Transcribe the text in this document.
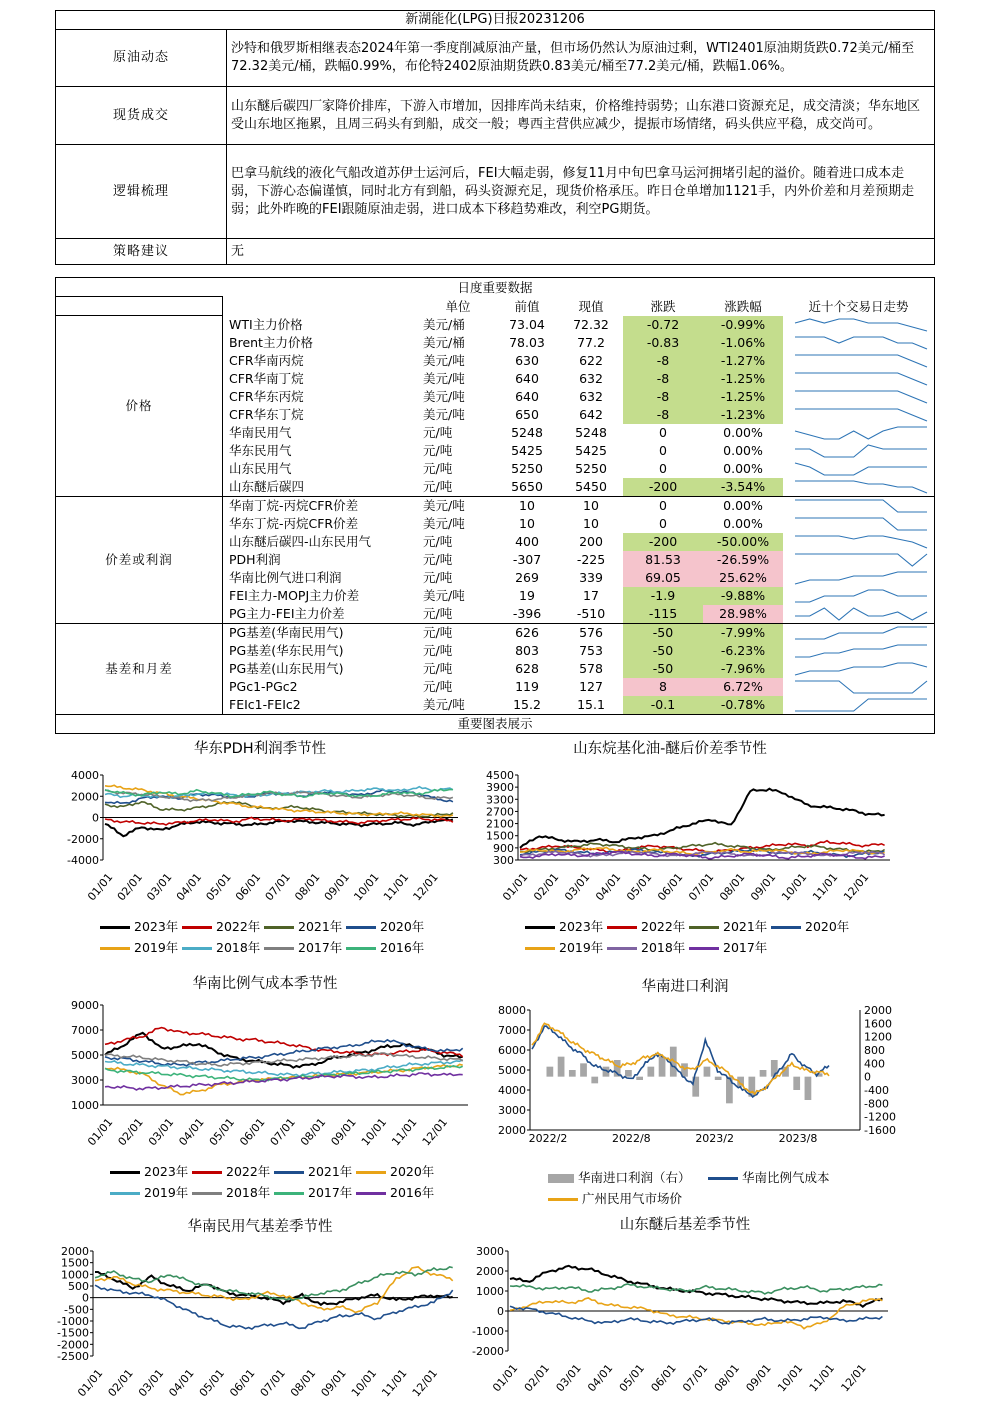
新湖能化(LPG)日报20231206	
原油动态	沙特和俄罗斯相继表态2024年第一季度削减原油产量，但市场仍然认为原油过剩，WTI2401原油期货跌0.72美元/桶至72.32美元/桶，跌幅0.99%，布伦特2402原油期货跌0.83美元/桶至77.2美元/桶，跌幅1.06%。
现货成交	山东醚后碳四厂家降价排库，下游入市增加，因排库尚未结束，价格维持弱势；山东港口资源充足，成交清淡；华东地区受山东地区拖累，且周三码头有到船，成交一般；粤西主营供应减少，提振市场情绪，码头供应平稳，成交尚可。
逻辑梳理	巴拿马航线的液化气船改道苏伊士运河后，FEI大幅走弱，修复11月中旬巴拿马运河拥堵引起的溢价。随着进口成本走弱，下游心态偏谨慎，同时北方有到船，码头资源充足，现货价格承压。昨日仓单增加1121手，内外价差和月差预期走弱；此外昨晚的FEI跟随原油走弱，进口成本下移趋势难改，利空PG期货。
策略建议	无
日度重要数据							
		单位	前值	现值	涨跌	涨跌幅	近十个交易日走势
价格	WTI主力价格	美元/桶	73.04	72.32	-0.72	-0.99%	

	Brent主力价格	美元/桶	78.03	77.2	-0.83	-1.06%	

	CFR华南丙烷	美元/吨	630	622	-8	-1.27%	

	CFR华南丁烷	美元/吨	640	632	-8	-1.25%	

	CFR华东丙烷	美元/吨	640	632	-8	-1.25%	

	CFR华东丁烷	美元/吨	650	642	-8	-1.23%	

	华南民用气	元/吨	5248	5248	0	0.00%	

	华东民用气	元/吨	5425	5425	0	0.00%	

	山东民用气	元/吨	5250	5250	0	0.00%	

	山东醚后碳四	元/吨	5650	5450	-200	-3.54%	

价差或利润	华南丁烷-丙烷CFR价差	美元/吨	10	10	0	0.00%	

	华东丁烷-丙烷CFR价差	美元/吨	10	10	0	0.00%	

	山东醚后碳四-山东民用气	元/吨	400	200	-200	-50.00%	

	PDH利润	元/吨	-307	-225	81.53	-26.59%	

	华南比例气进口利润	元/吨	269	339	69.05	25.62%	

	FEI主力-MOPJ主力价差	美元/吨	19	17	-1.9	-9.88%	

	PG主力-FEI主力价差	元/吨	-396	-510	-115	28.98%	

基差和月差	PG基差(华南民用气)	元/吨	626	576	-50	-7.99%	

	PG基差(华东民用气)	元/吨	803	753	-50	-6.23%	

	PG基差(山东民用气)	元/吨	628	578	-50	-7.96%	

	PGc1-PGc2	元/吨	119	127	8	6.72%	

	FEIc1-FEIc2	美元/吨	15.2	15.1	-0.1	-0.78%	

重要图表展示							
华东PDH利润季节性
4000
2000
0
-2000
-4000
01/01 02/01 03/01 04/01 05/01 06/01 07/01 08/01 09/01 10/01 11/01 12/01
2023年	2022年	2021年	2020年
2019年	2018年	2017年	2016年
山东烷基化油-醚后价差季节性
4500
3900
3300
2700
2100
1500
900
300
01/01 02/01 03/01 04/01 05/01 06/01 07/01 08/01 09/01 10/01 11/01 12/01
2023年	2022年	2021年	2020年
2019年	2018年	2017年
华南比例气成本季节性
9000
7000
5000
3000
1000
01/01 02/01 03/01 04/01 05/01 06/01 07/01 08/01 09/01 10/01 11/01 12/01
2023年	2022年	2021年	2020年
2019年	2018年	2017年	2016年
华南进口利润
8000
7000
6000
5000
4000
3000
2000
2000
1600
1200
800
400
0
-400
-800
-1200
-1600
2022/2	2022/8	2023/2	2023/8
华南进口利润（右）	华南比例气成本
广州民用气市场价
华南民用气基差季节性
2000
1500
1000
500
0
-500
-1000
-1500
-2000
-2500
01/01 02/01 03/01 04/01 05/01 06/01 07/01 08/01 09/01 10/01 11/01 12/01
山东醚后基差季节性
3000
2000
1000
0
-1000
-2000
01/01 02/01 03/01 04/01 05/01 06/01 07/01 08/01 09/01 10/01 11/01 12/01
